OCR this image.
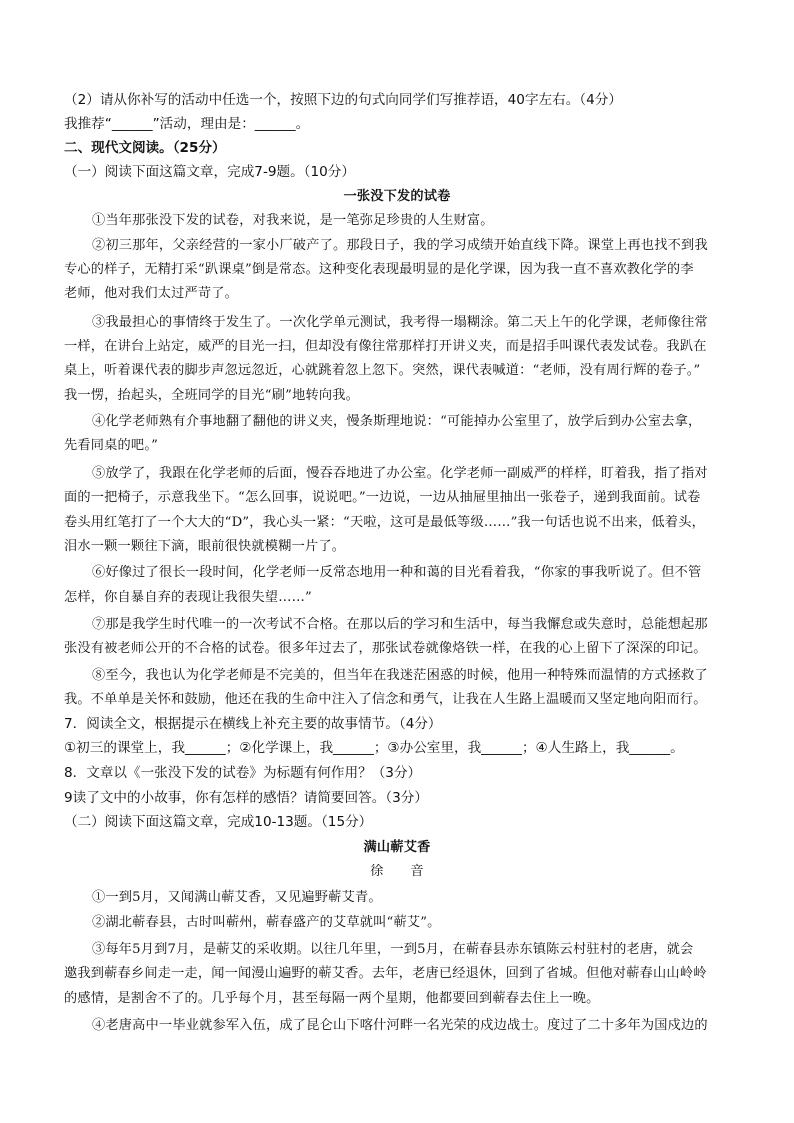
（2）请从你补写的活动中任选一个，按照下边的句式向同学们写推荐语，40字左右。（4分）
我推荐“______”活动，理由是：______。
二、现代文阅读。（25分）
（一）阅读下面这篇文章，完成7-9题。（10分）
一张没下发的试卷
①当年那张没下发的试卷，对我来说，是一笔弥足珍贵的人生财富。
②初三那年，父亲经营的一家小厂破产了。那段日子，我的学习成绩开始直线下降。课堂上再也找不到我
专心的样子，无精打采“趴课桌”倒是常态。这种变化表现最明显的是化学课，因为我一直不喜欢教化学的李
老师，他对我们太过严苛了。
③我最担心的事情终于发生了。一次化学单元测试，我考得一塌糊涂。第二天上午的化学课，老师像往常
一样，在讲台上站定，威严的目光一扫，但却没有像往常那样打开讲义夹，而是招手叫课代表发试卷。我趴在
桌上，听着课代表的脚步声忽远忽近，心就跳着忽上忽下。突然，课代表喊道：“老师，没有周行辉的卷子。”
我一愣，抬起头，全班同学的目光“刷”地转向我。
④化学老师熟有介事地翻了翻他的讲义夹，慢条斯理地说：“可能掉办公室里了，放学后到办公室去拿，
先看同桌的吧。”
⑤放学了，我跟在化学老师的后面，慢吞吞地进了办公室。化学老师一副威严的样样，盯着我，指了指对
面的一把椅子，示意我坐下。“怎么回事，说说吧。”一边说，一边从抽屉里抽出一张卷子，递到我面前。试卷
卷头用红笔打了一个大大的“D”，我心头一紧：“天啦，这可是最低等级……”我一句话也说不出来，低着头，
泪水一颗一颗往下滴，眼前很快就模糊一片了。
⑥好像过了很长一段时间，化学老师一反常态地用一种和蔼的目光看着我，“你家的事我听说了。但不管
怎样，你自暴自弃的表现让我很失望……”
⑦那是我学生时代唯一的一次考试不合格。在那以后的学习和生活中，每当我懈怠或失意时，总能想起那
张没有被老师公开的不合格的试卷。很多年过去了，那张试卷就像烙铁一样，在我的心上留下了深深的印记。
⑧至今，我也认为化学老师是不完美的，但当年在我迷茫困惑的时候，他用一种特殊而温情的方式拯救了
我。不单单是关怀和鼓励，他还在我的生命中注入了信念和勇气，让我在人生路上温暖而又坚定地向阳而行。
7．阅读全文，根据提示在横线上补充主要的故事情节。（4分）
①初三的课堂上，我______；②化学课上，我______；③办公室里，我______；④人生路上，我______。
8．文章以《一张没下发的试卷》为标题有何作用？（3分）
9读了文中的小故事，你有怎样的感悟？请简要回答。（3分）
（二）阅读下面这篇文章，完成10-13题。（15分）
满山蕲艾香
徐　　音
①一到5月，又闻满山蕲艾香，又见遍野蕲艾青。
②湖北蕲春县，古时叫蕲州，蕲春盛产的艾草就叫“蕲艾”。
③每年5月到7月，是蕲艾的采收期。以往几年里，一到5月，在蕲春县赤东镇陈云村驻村的老唐，就会
邀我到蕲春乡间走一走，闻一闻漫山遍野的蕲艾香。去年，老唐已经退休，回到了省城。但他对蕲春山山岭岭
的感情，是割舍不了的。几乎每个月，甚至每隔一两个星期，他都要回到蕲春去住上一晚。
④老唐高中一毕业就参军入伍，成了昆仑山下喀什河畔一名光荣的戍边战士。度过了二十多年为国戍边的
